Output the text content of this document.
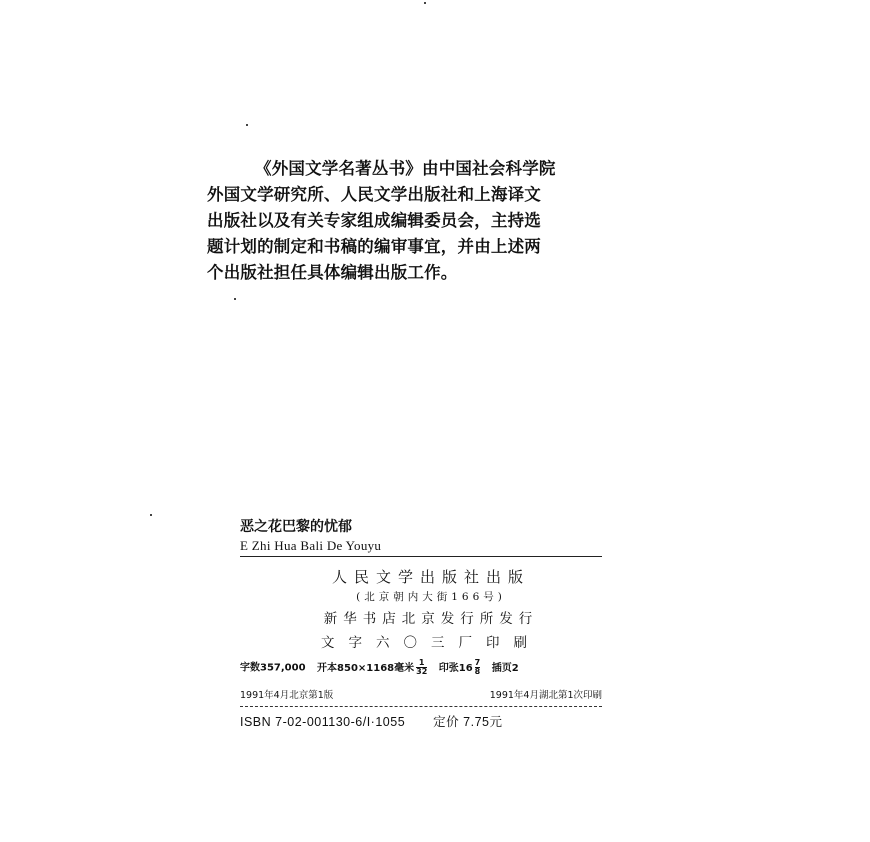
《外国文学名著丛书》由中国社会科学院

外国文学研究所、人民文学出版社和上海译文

出版社以及有关专家组成编辑委员会，主持选

题计划的制定和书稿的编审事宜，并由上述两

个出版社担任具体编辑出版工作。

恶之花巴黎的忧郁

E Zhi Hua Bali De Youyu

人民文学出版社出版

(北京朝内大街166号)

新华书店北京发行所发行

文字六〇三厂印刷

字数357,000 开本850×1168毫米 $\frac{1}{32}$ 印张$16 \frac{7}{8}$ 插页2
1991年4月北京第1版	1991年4月湖北第1次印刷
ISBN 7-02-001130-6/I·1055 定价 7.75元
